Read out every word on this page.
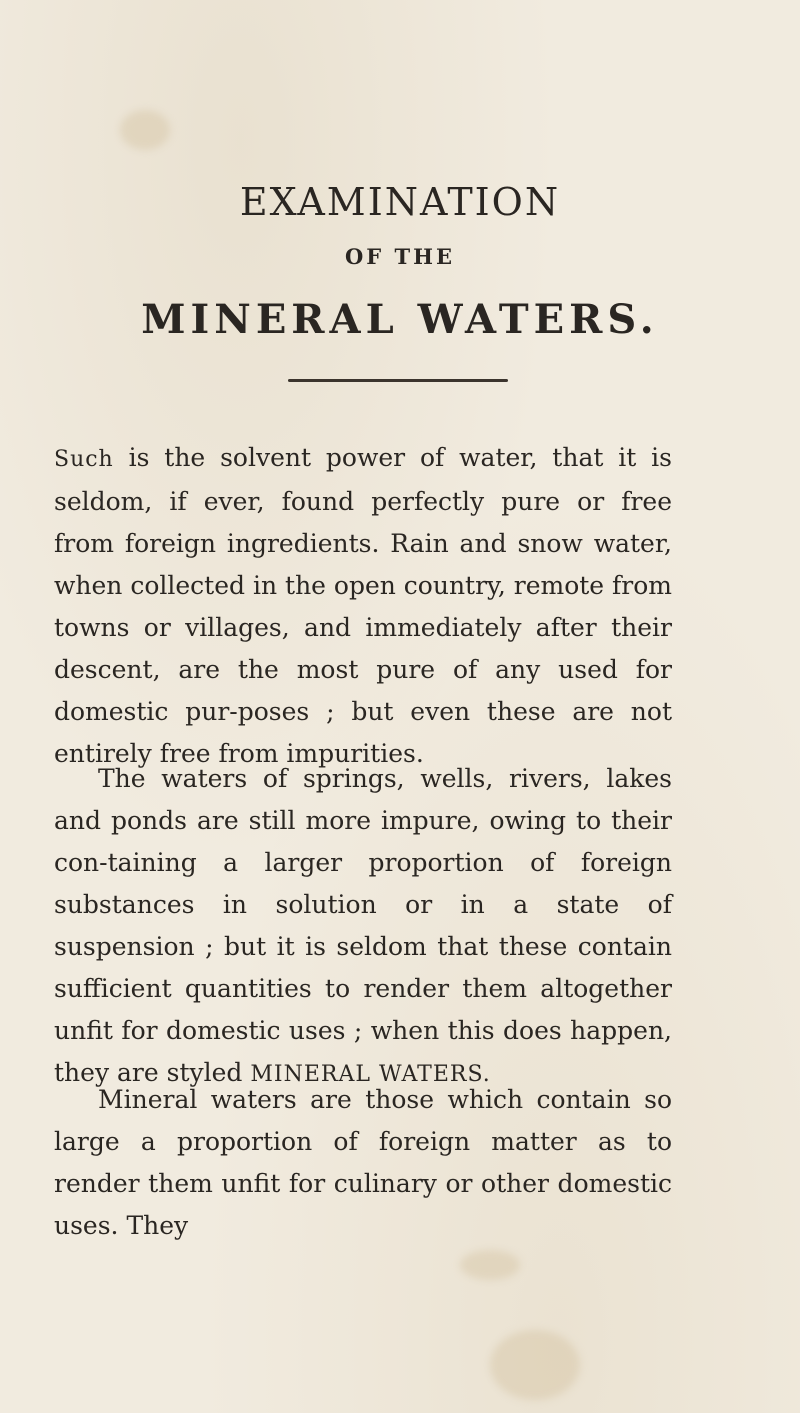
EXAMINATION
OF THE
MINERAL WATERS.

Such is the solvent power of water, that it is seldom, if ever, found perfectly pure or free from foreign ingredients. Rain and snow water, when collected in the open country, remote from towns or villages, and immediately after their descent, are the most pure of any used for domestic pur-poses ; but even these are not entirely free from impurities.

The waters of springs, wells, rivers, lakes and ponds are still more impure, owing to their con-taining a larger proportion of foreign substances in solution or in a state of suspension ; but it is seldom that these contain sufficient quantities to render them altogether unfit for domestic uses ; when this does happen, they are styled MINERAL WATERS.

Mineral waters are those which contain so large a proportion of foreign matter as to render them unfit for culinary or other domestic uses. They
